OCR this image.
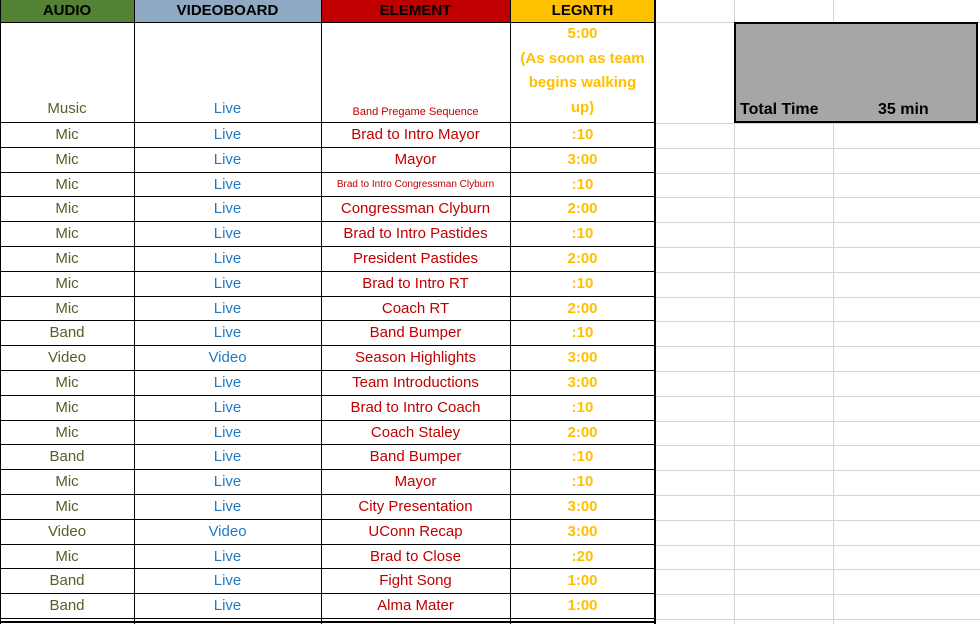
AUDIO	VIDEOBOARD	ELEMENT	LEGNTH
Music	Live	Band Pregame Sequence
5:00
(As soon as team
begins walking
up)
Mic	Live	Brad to Intro Mayor	:10
Mic	Live	Mayor	3:00
Mic	Live	Brad to Intro Congressman Clyburn	:10
Mic	Live	Congressman Clyburn	2:00
Mic	Live	Brad to Intro Pastides	:10
Mic	Live	President Pastides	2:00
Mic	Live	Brad to Intro RT	:10
Mic	Live	Coach RT	2:00
Band	Live	Band Bumper	:10
Video	Video	Season Highlights	3:00
Mic	Live	Team Introductions	3:00
Mic	Live	Brad to Intro Coach	:10
Mic	Live	Coach Staley	2:00
Band	Live	Band Bumper	:10
Mic	Live	Mayor	:10
Mic	Live	City Presentation	3:00
Video	Video	UConn Recap	3:00
Mic	Live	Brad to Close	:20
Band	Live	Fight Song	1:00
Band	Live	Alma Mater	1:00
Total Time	35 min
